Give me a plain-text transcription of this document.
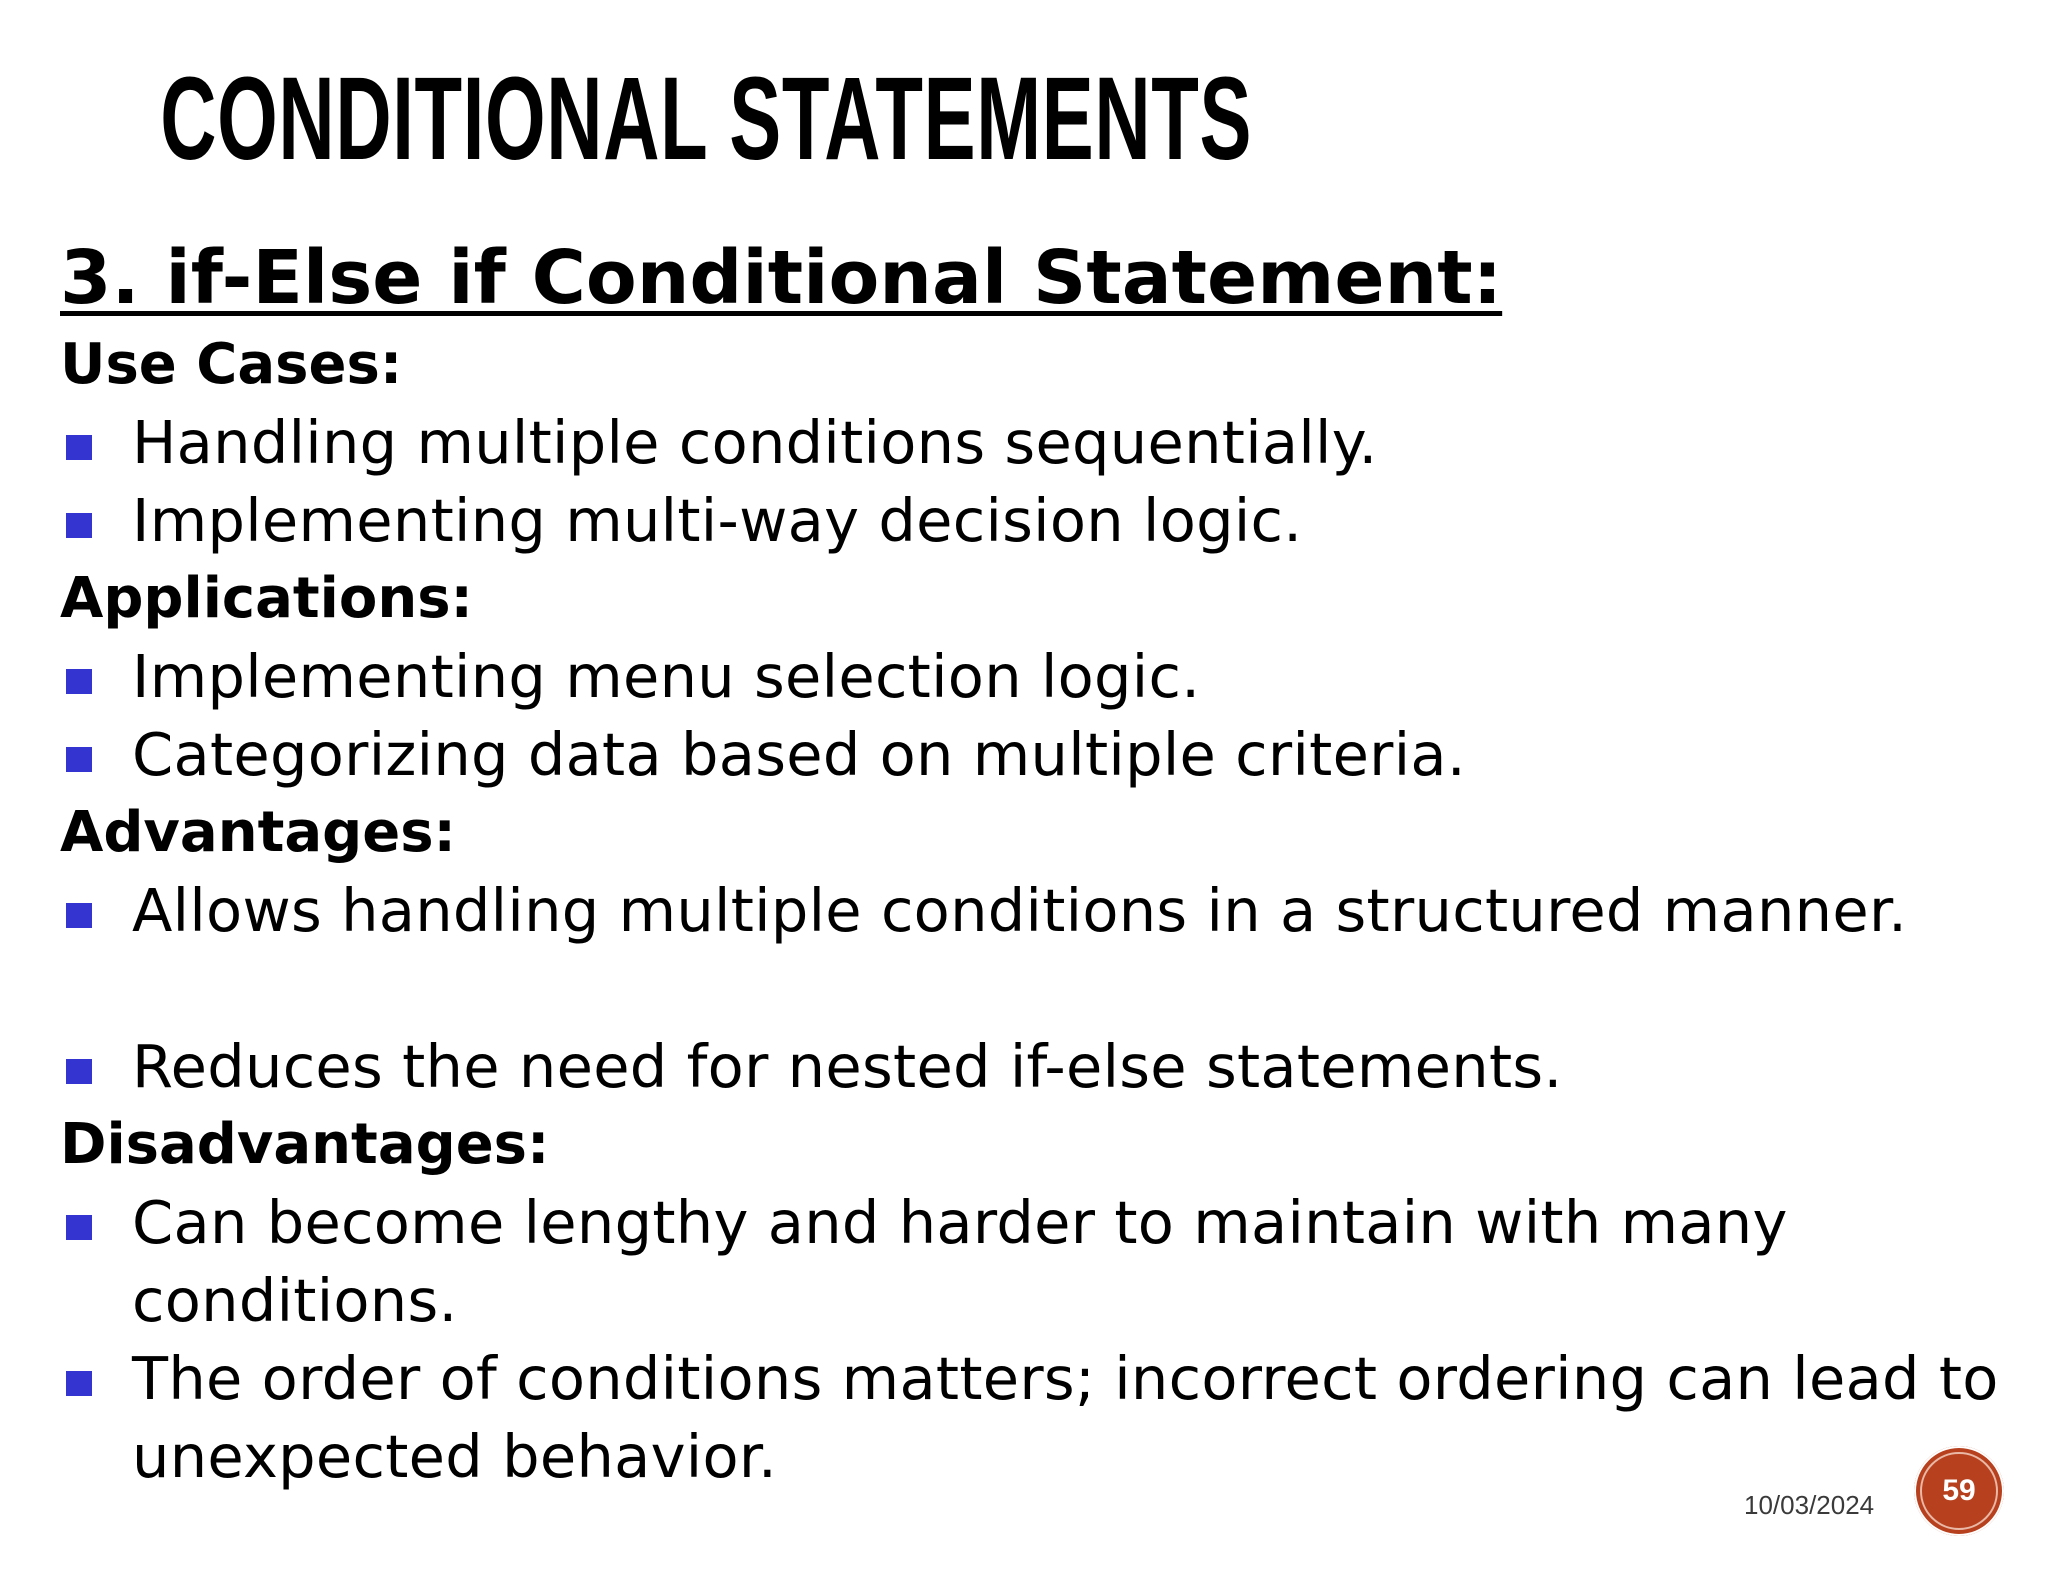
CONDITIONAL STATEMENTS
3. if-Else if Conditional Statement:
Use Cases:
Handling multiple conditions sequentially.
Implementing multi-way decision logic.
Applications:
Implementing menu selection logic.
Categorizing data based on multiple criteria.
Advantages:
Allows handling multiple conditions in a structured manner.
Reduces the need for nested if-else statements.
Disadvantages:
Can become lengthy and harder to maintain with many conditions.
The order of conditions matters; incorrect ordering can lead to unexpected behavior.
10/03/2024	59
